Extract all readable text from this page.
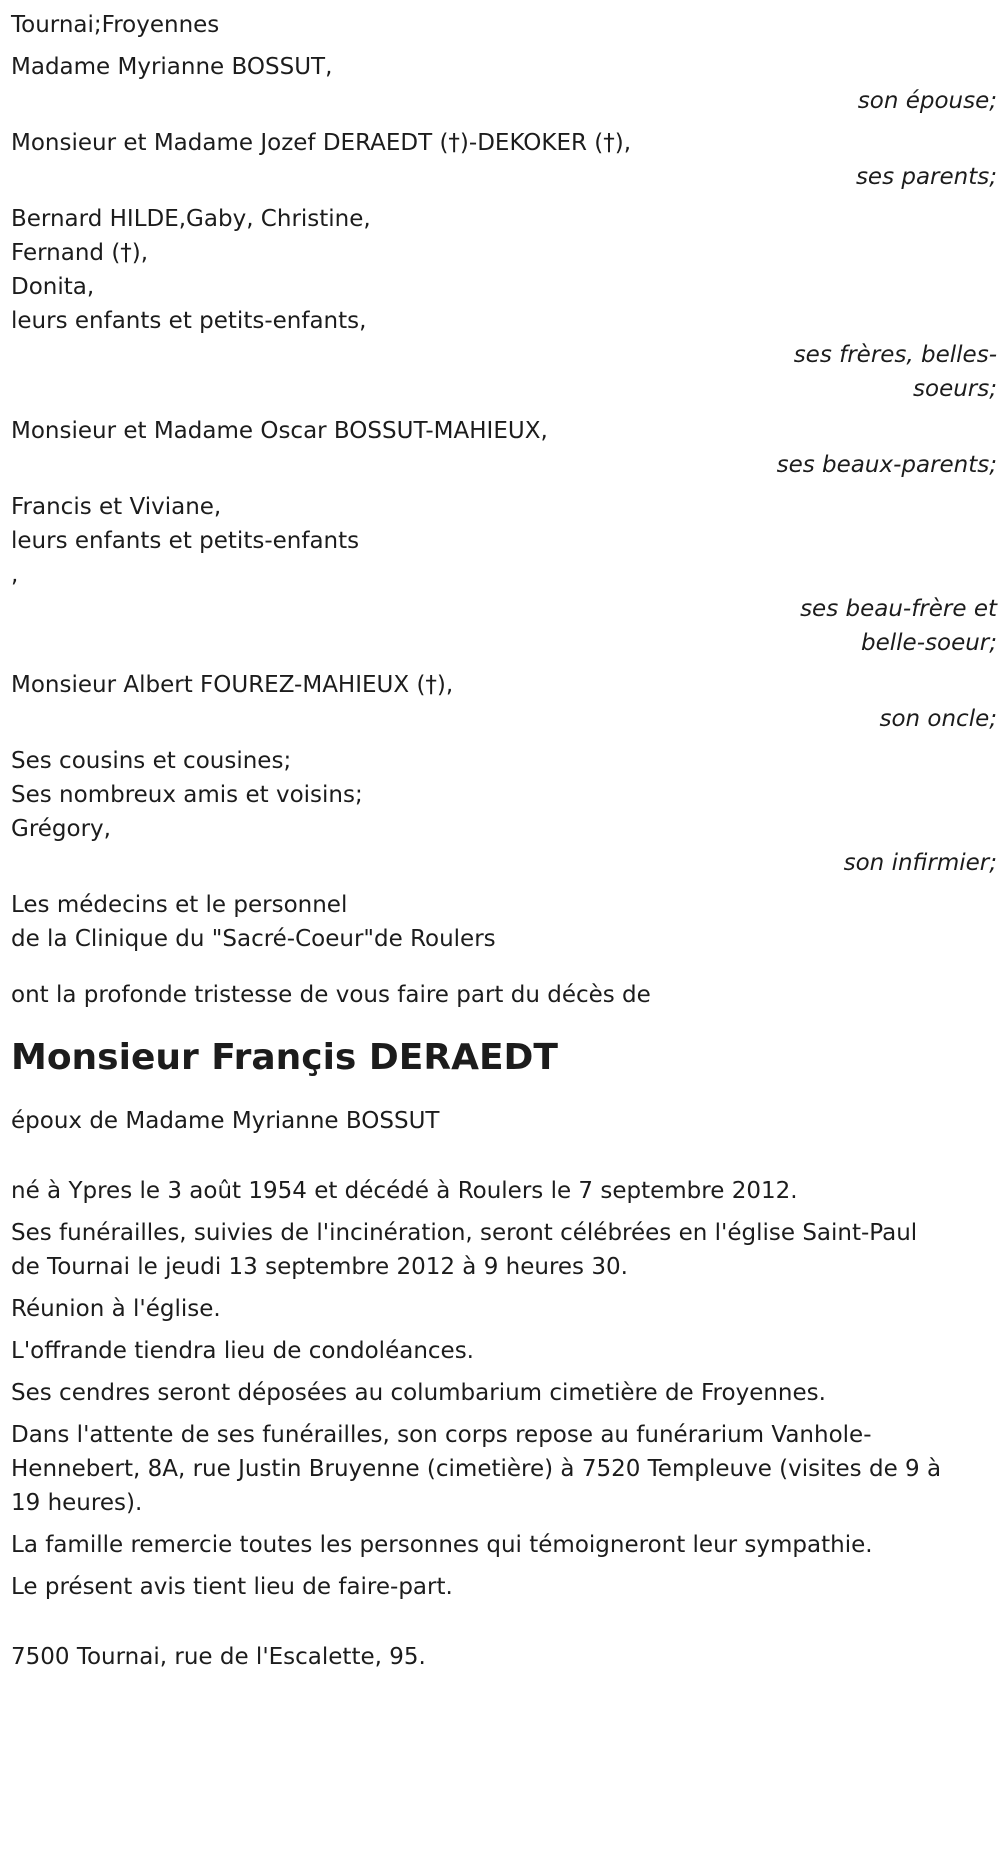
Tournai;Froyennes
Madame Myrianne BOSSUT,
son épouse;
Monsieur et Madame Jozef DERAEDT (†)-DEKOKER (†),
ses parents;
Bernard HILDE,Gaby, Christine,
Fernand (†),
Donita,
leurs enfants et petits-enfants,
ses frères, belles-soeurs;
Monsieur et Madame Oscar BOSSUT-MAHIEUX,
ses beaux-parents;
Francis et Viviane,
leurs enfants et petits-enfants
,
ses beau-frère et belle-soeur;
Monsieur Albert FOUREZ-MAHIEUX (†),
son oncle;
Ses cousins et cousines;
Ses nombreux amis et voisins;
Grégory,
son infirmier;
Les médecins et le personnel
de la Clinique du "Sacré-Coeur"de Roulers
ont la profonde tristesse de vous faire part du décès de
Monsieur Françis DERAEDT
époux de Madame Myrianne BOSSUT
né à Ypres le 3 août 1954 et décédé à Roulers le 7 septembre 2012.
Ses funérailles, suivies de l'incinération, seront célébrées en l'église Saint-Paul de Tournai le jeudi 13 septembre 2012 à 9 heures 30.
Réunion à l'église.
L'offrande tiendra lieu de condoléances.
Ses cendres seront déposées au columbarium cimetière de Froyennes.
Dans l'attente de ses funérailles, son corps repose au funérarium Vanhole-Hennebert, 8A, rue Justin Bruyenne (cimetière) à 7520 Templeuve (visites de 9 à 19 heures).
La famille remercie toutes les personnes qui témoigneront leur sympathie.
Le présent avis tient lieu de faire-part.
7500 Tournai, rue de l'Escalette, 95.
